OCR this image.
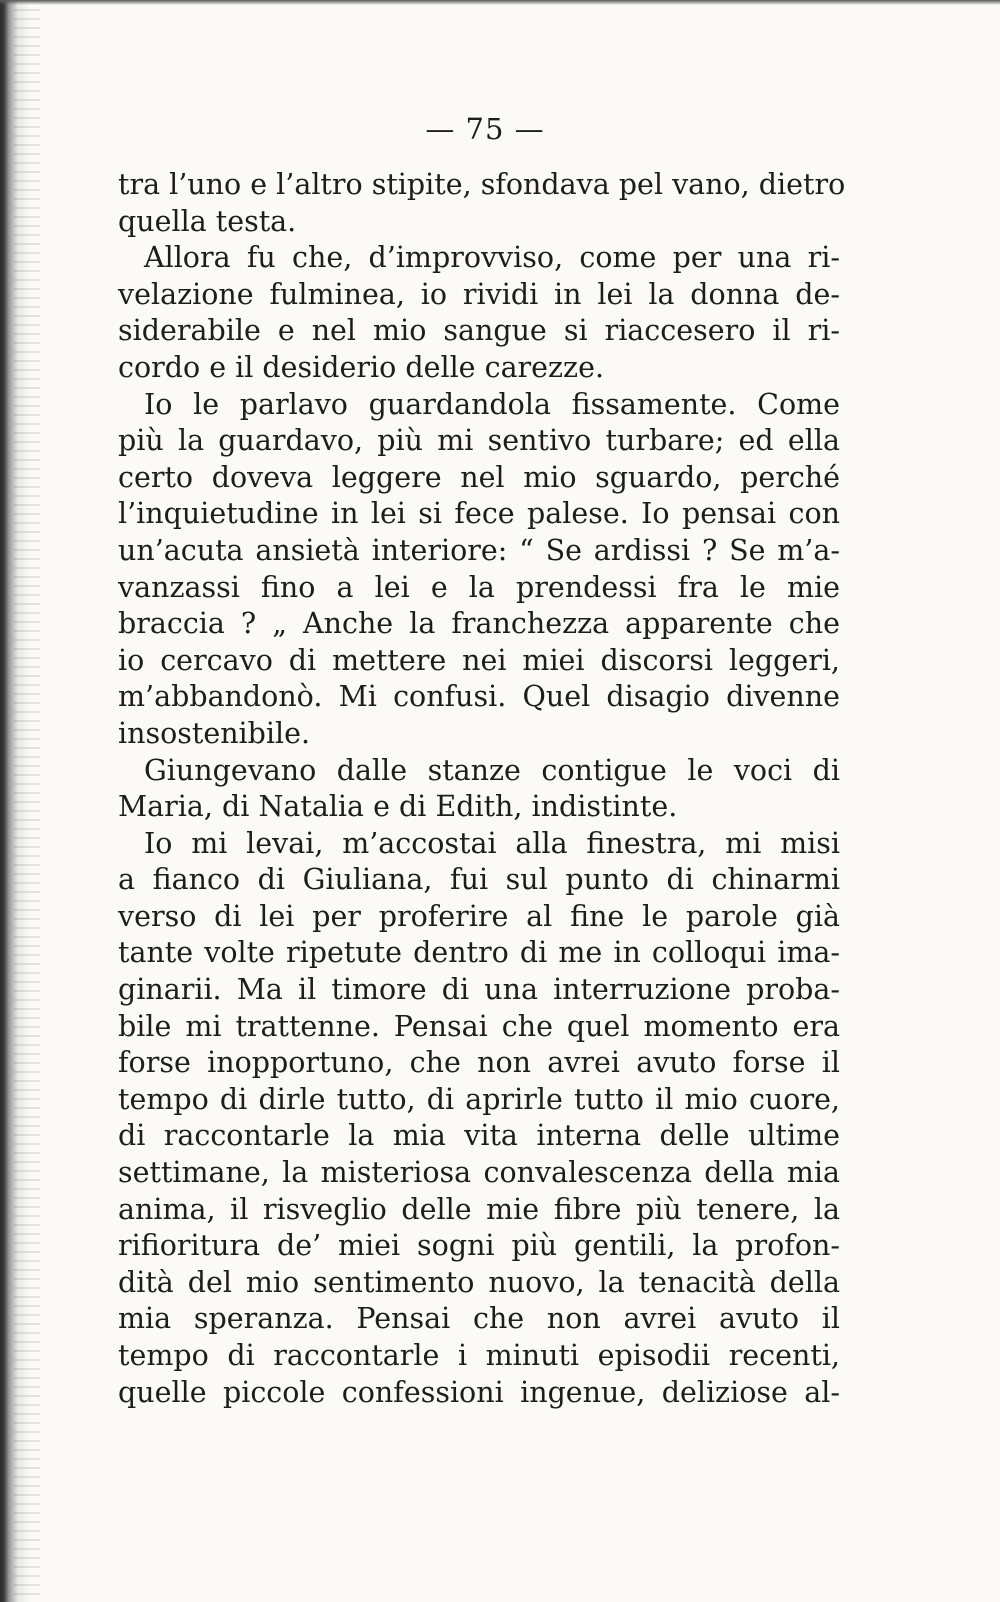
— 75 —
tra l’uno e l’altro stipite, sfondava pel vano, dietro
quella testa.
Allora fu che, d’improvviso, come per una ri-
velazione fulminea, io rividi in lei la donna de-
siderabile e nel mio sangue si riaccesero il ri-
cordo e il desiderio delle carezze.
Io le parlavo guardandola fissamente. Come
più la guardavo, più mi sentivo turbare; ed ella
certo doveva leggere nel mio sguardo, perché
l’inquietudine in lei si fece palese. Io pensai con
un’acuta ansietà interiore: “ Se ardissi ? Se m’a-
vanzassi fino a lei e la prendessi fra le mie
braccia ? „ Anche la franchezza apparente che
io cercavo di mettere nei miei discorsi leggeri,
m’abbandonò. Mi confusi. Quel disagio divenne
insostenibile.
Giungevano dalle stanze contigue le voci di
Maria, di Natalia e di Edith, indistinte.
Io mi levai, m’accostai alla finestra, mi misi
a fianco di Giuliana, fui sul punto di chinarmi
verso di lei per proferire al fine le parole già
tante volte ripetute dentro di me in colloqui ima-
ginarii. Ma il timore di una interruzione proba-
bile mi trattenne. Pensai che quel momento era
forse inopportuno, che non avrei avuto forse il
tempo di dirle tutto, di aprirle tutto il mio cuore,
di raccontarle la mia vita interna delle ultime
settimane, la misteriosa convalescenza della mia
anima, il risveglio delle mie fibre più tenere, la
rifioritura de’ miei sogni più gentili, la profon-
dità del mio sentimento nuovo, la tenacità della
mia speranza. Pensai che non avrei avuto il
tempo di raccontarle i minuti episodii recenti,
quelle piccole confessioni ingenue, deliziose al-
